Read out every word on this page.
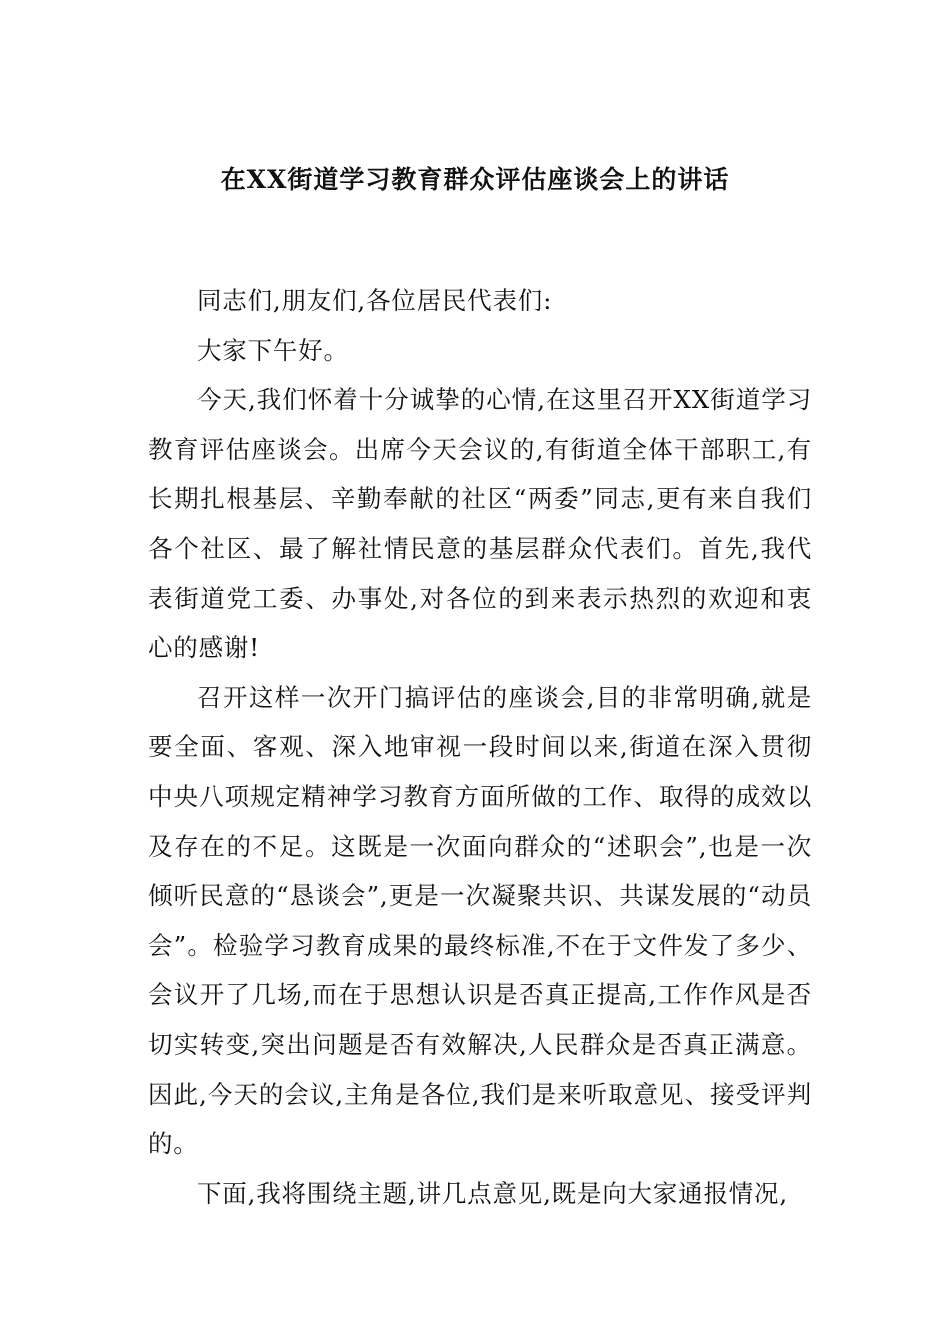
在XX街道学习教育群众评估座谈会上的讲话

同志们,朋友们,各位居民代表们:

大家下午好。

今天,我们怀着十分诚挚的心情,在这里召开XX街道学习教育评估座谈会。出席今天会议的,有街道全体干部职工,有长期扎根基层、辛勤奉献的社区“两委”同志,更有来自我们各个社区、最了解社情民意的基层群众代表们。首先,我代表街道党工委、办事处,对各位的到来表示热烈的欢迎和衷心的感谢!

召开这样一次开门搞评估的座谈会,目的非常明确,就是要全面、客观、深入地审视一段时间以来,街道在深入贯彻中央八项规定精神学习教育方面所做的工作、取得的成效以及存在的不足。这既是一次面向群众的“述职会”,也是一次倾听民意的“恳谈会”,更是一次凝聚共识、共谋发展的“动员会”。检验学习教育成果的最终标准,不在于文件发了多少、会议开了几场,而在于思想认识是否真正提高,工作作风是否切实转变,突出问题是否有效解决,人民群众是否真正满意。因此,今天的会议,主角是各位,我们是来听取意见、接受评判的。

下面,我将围绕主题,讲几点意见,既是向大家通报情况,
